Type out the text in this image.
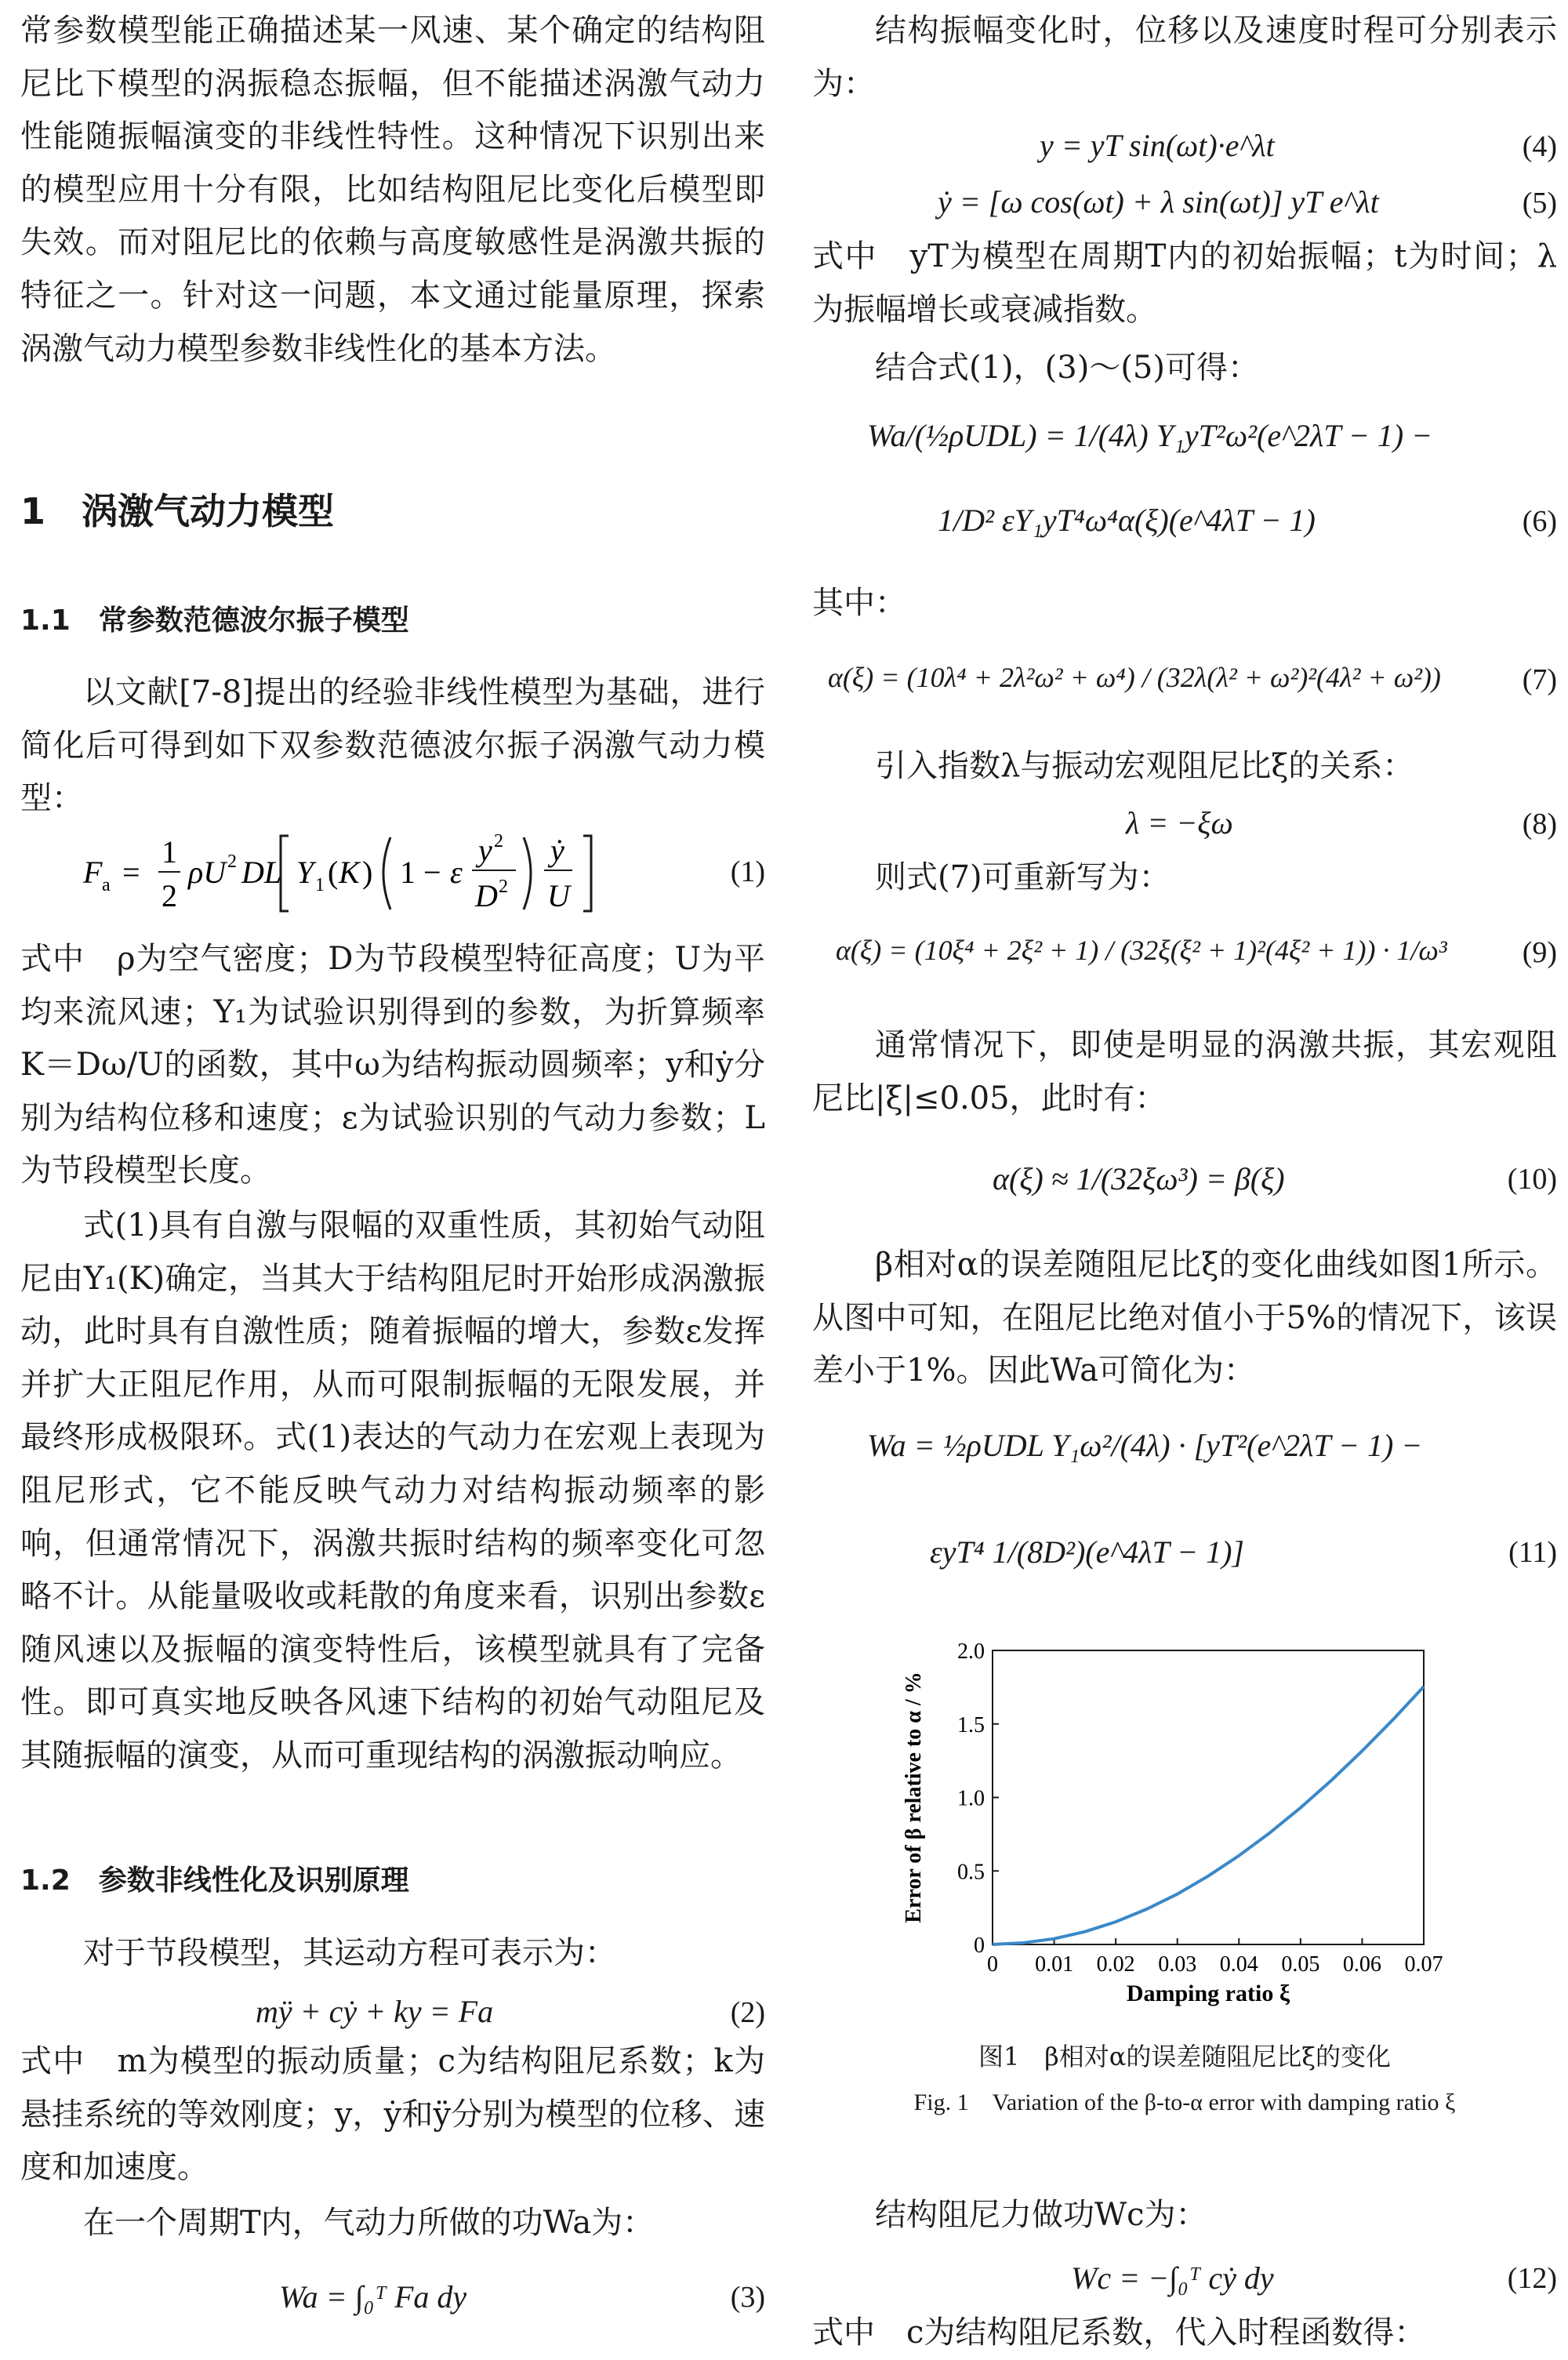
常参数模型能正确描述某一风速、某个确定的结构阻尼比下模型的涡振稳态振幅，但不能描述涡激气动力性能随振幅演变的非线性特性。这种情况下识别出来的模型应用十分有限，比如结构阻尼比变化后模型即失效。而对阻尼比的依赖与高度敏感性是涡激共振的特征之一。针对这一问题，本文通过能量原理，探索涡激气动力模型参数非线性化的基本方法。
1　涡激气动力模型
1.1　常参数范德波尔振子模型
以文献[7-8]提出的经验非线性模型为基础，进行简化后可得到如下双参数范德波尔振子涡激气动力模型：
F a =
1
2
ρU 2 DL Y 1 ( K ) 1 − ε
y 2
D 2
ẏ
U
(1)
式中　ρ为空气密度；D为节段模型特征高度；U为平均来流风速；Y₁为试验识别得到的参数，为折算频率K＝Dω/U的函数，其中ω为结构振动圆频率；y和ẏ分别为结构位移和速度；ε为试验识别的气动力参数；L为节段模型长度。
式(1)具有自激与限幅的双重性质，其初始气动阻尼由Y₁(K)确定，当其大于结构阻尼时开始形成涡激振动，此时具有自激性质；随着振幅的增大，参数ε发挥并扩大正阻尼作用，从而可限制振幅的无限发展，并最终形成极限环。式(1)表达的气动力在宏观上表现为阻尼形式，它不能反映气动力对结构振动频率的影响，但通常情况下，涡激共振时结构的频率变化可忽略不计。从能量吸收或耗散的角度来看，识别出参数ε随风速以及振幅的演变特性后，该模型就具有了完备性。即可真实地反映各风速下结构的初始气动阻尼及其随振幅的演变，从而可重现结构的涡激振动响应。
1.2　参数非线性化及识别原理
对于节段模型，其运动方程可表示为：
mÿ + cẏ + ky = Fa	(2)
式中　m为模型的振动质量；c为结构阻尼系数；k为悬挂系统的等效刚度；y，ẏ和ÿ分别为模型的位移、速度和加速度。
在一个周期T内，气动力所做的功Wa为：
Wa = ∫₀ᵀ Fa dy	(3)
结构振幅变化时，位移以及速度时程可分别表示为：
y = yT sin(ωt)·e^λt	(4)
ẏ = [ω cos(ωt) + λ sin(ωt)] yT e^λt	(5)
式中　yT为模型在周期T内的初始振幅；t为时间；λ为振幅增长或衰减指数。
结合式(1)，(3)～(5)可得：
Wa/(½ρUDL) = 1/(4λ) Y₁yT²ω²(e^2λT − 1) −
1/D² εY₁yT⁴ω⁴α(ξ)(e^4λT − 1)	(6)
其中：
α(ξ) = (10λ⁴ + 2λ²ω² + ω⁴) / (32λ(λ² + ω²)²(4λ² + ω²))	(7)
引入指数λ与振动宏观阻尼比ξ的关系：
λ = −ξω	(8)
则式(7)可重新写为：
α(ξ) = (10ξ⁴ + 2ξ² + 1) / (32ξ(ξ² + 1)²(4ξ² + 1)) · 1/ω³	(9)
通常情况下，即使是明显的涡激共振，其宏观阻尼比|ξ|≤0.05，此时有：
α(ξ) ≈ 1/(32ξω³) = β(ξ)	(10)
β相对α的误差随阻尼比ξ的变化曲线如图1所示。从图中可知，在阻尼比绝对值小于5%的情况下，该误差小于1%。因此Wa可简化为：
Wa = ½ρUDL Y₁ω²/(4λ) · [yT²(e^2λT − 1) −
εyT⁴ 1/(8D²)(e^4λT − 1)]	(11)
0 0.01 0.02 0.03 0.04 0.05 0.06 0.07
0
0.5
1.0
1.5
2.0
Damping ratio ξ
Error of β relative to α / %
图1　β相对α的误差随阻尼比ξ的变化
Fig. 1　Variation of the β-to-α error with damping ratio ξ
结构阻尼力做功Wc为：
Wc = −∫₀ᵀ cẏ dy	(12)
式中　c为结构阻尼系数，代入时程函数得：
